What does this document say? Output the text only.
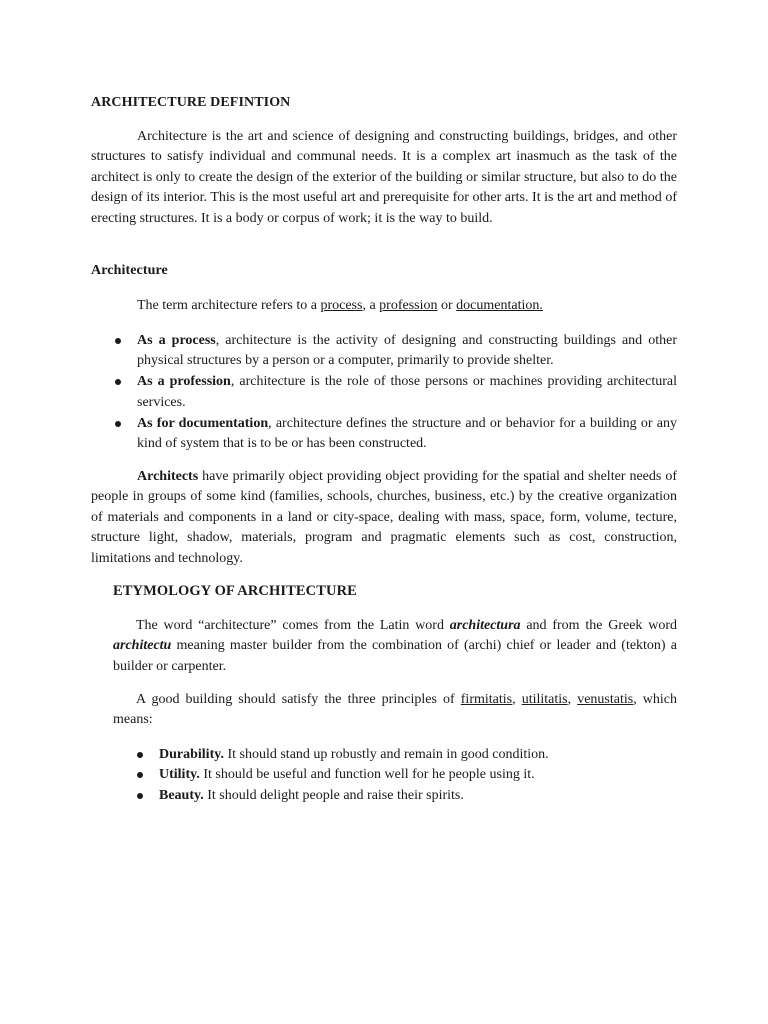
ARCHITECTURE DEFINTION
Architecture is the art and science of designing and constructing buildings, bridges, and other structures to satisfy individual and communal needs. It is a complex art inasmuch as the task of the architect is only to create the design of the exterior of the building or similar structure, but also to do the design of its interior. This is the most useful art and prerequisite for other arts. It is the art and method of erecting structures. It is a body or corpus of work; it is the way to build.
Architecture
The term architecture refers to a process, a profession or documentation.
As a process, architecture is the activity of designing and constructing buildings and other physical structures by a person or a computer, primarily to provide shelter.
As a profession, architecture is the role of those persons or machines providing architectural services.
As for documentation, architecture defines the structure and or behavior for a building or any kind of system that is to be or has been constructed.
Architects have primarily object providing object providing for the spatial and shelter needs of people in groups of some kind (families, schools, churches, business, etc.) by the creative organization of materials and components in a land or city-space, dealing with mass, space, form, volume, tecture, structure light, shadow, materials, program and pragmatic elements such as cost, construction, limitations and technology.
ETYMOLOGY OF ARCHITECTURE
The word “architecture” comes from the Latin word architectura and from the Greek word architectu meaning master builder from the combination of (archi) chief or leader and (tekton) a builder or carpenter.
A good building should satisfy the three principles of firmitatis, utilitatis, venustatis, which means:
Durability. It should stand up robustly and remain in good condition.
Utility. It should be useful and function well for he people using it.
Beauty. It should delight people and raise their spirits.
